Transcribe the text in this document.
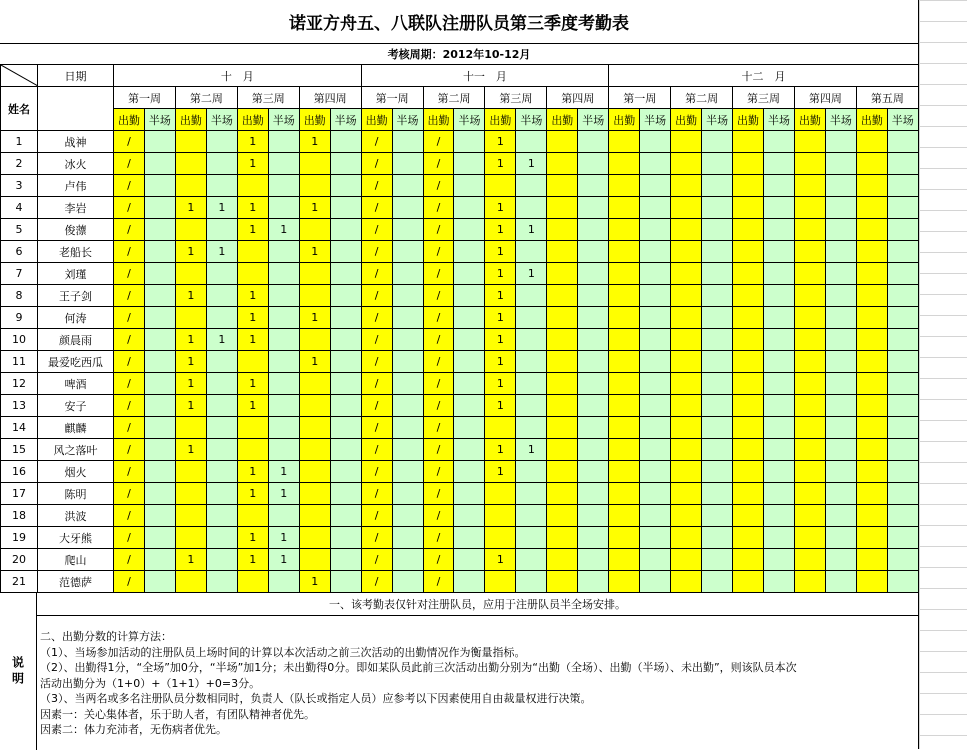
诺亚方舟五、八联队注册队员第三季度考勤表
考核周期：2012年10-12月
	日期	十　月								十一　月								十二　月									
姓名		第一周		第二周		第三周		第四周		第一周		第二周		第三周		第四周		第一周		第二周		第三周		第四周		第五周	
		出勤	半场	出勤	半场	出勤	半场	出勤	半场	出勤	半场	出勤	半场	出勤	半场	出勤	半场	出勤	半场	出勤	半场	出勤	半场	出勤	半场	出勤	半场
1	战神	/				1		1		/		/		1													
2	冰火	/				1				/		/		1	1												
3	卢伟	/								/		/															
4	李岩	/		1	1	1		1		/		/		1													
5	俊薸	/				1	1			/		/		1	1												
6	老船长	/		1	1			1		/		/		1													
7	刘瑾	/								/		/		1	1												
8	王子剑	/		1		1				/		/		1													
9	何涛	/				1		1		/		/		1													
10	颜晨雨	/		1	1	1				/		/		1													
11	最爱吃西瓜	/		1				1		/		/		1													
12	啤酒	/		1		1				/		/		1													
13	安子	/		1		1				/		/		1													
14	麒麟	/								/		/															
15	风之落叶	/		1						/		/		1	1												
16	烟火	/				1	1			/		/		1													
17	陈明	/				1	1			/		/															
18	洪波	/								/		/															
19	大牙熊	/				1	1			/		/															
20	爬山	/		1		1	1			/		/		1													
21	范德萨	/						1		/		/															
说明
一、该考勤表仅针对注册队员，应用于注册队员半全场安排。
二、出勤分数的计算方法：
（1）、当场参加活动的注册队员上场时间的计算以本次活动之前三次活动的出勤情况作为衡量指标。
（2）、出勤得1分，“全场”加0分，“半场”加1分；未出勤得0分。即如某队员此前三次活动出勤分别为“出勤（全场）、出勤（半场）、未出勤”，则该队员本次
活动出勤分为（1+0）+（1+1）+0=3分。
（3）、当两名或多名注册队员分数相同时，负责人（队长或指定人员）应参考以下因素使用自由裁量权进行决策。
因素一：关心集体者，乐于助人者，有团队精神者优先。
因素二：体力充沛者，无伤病者优先。
